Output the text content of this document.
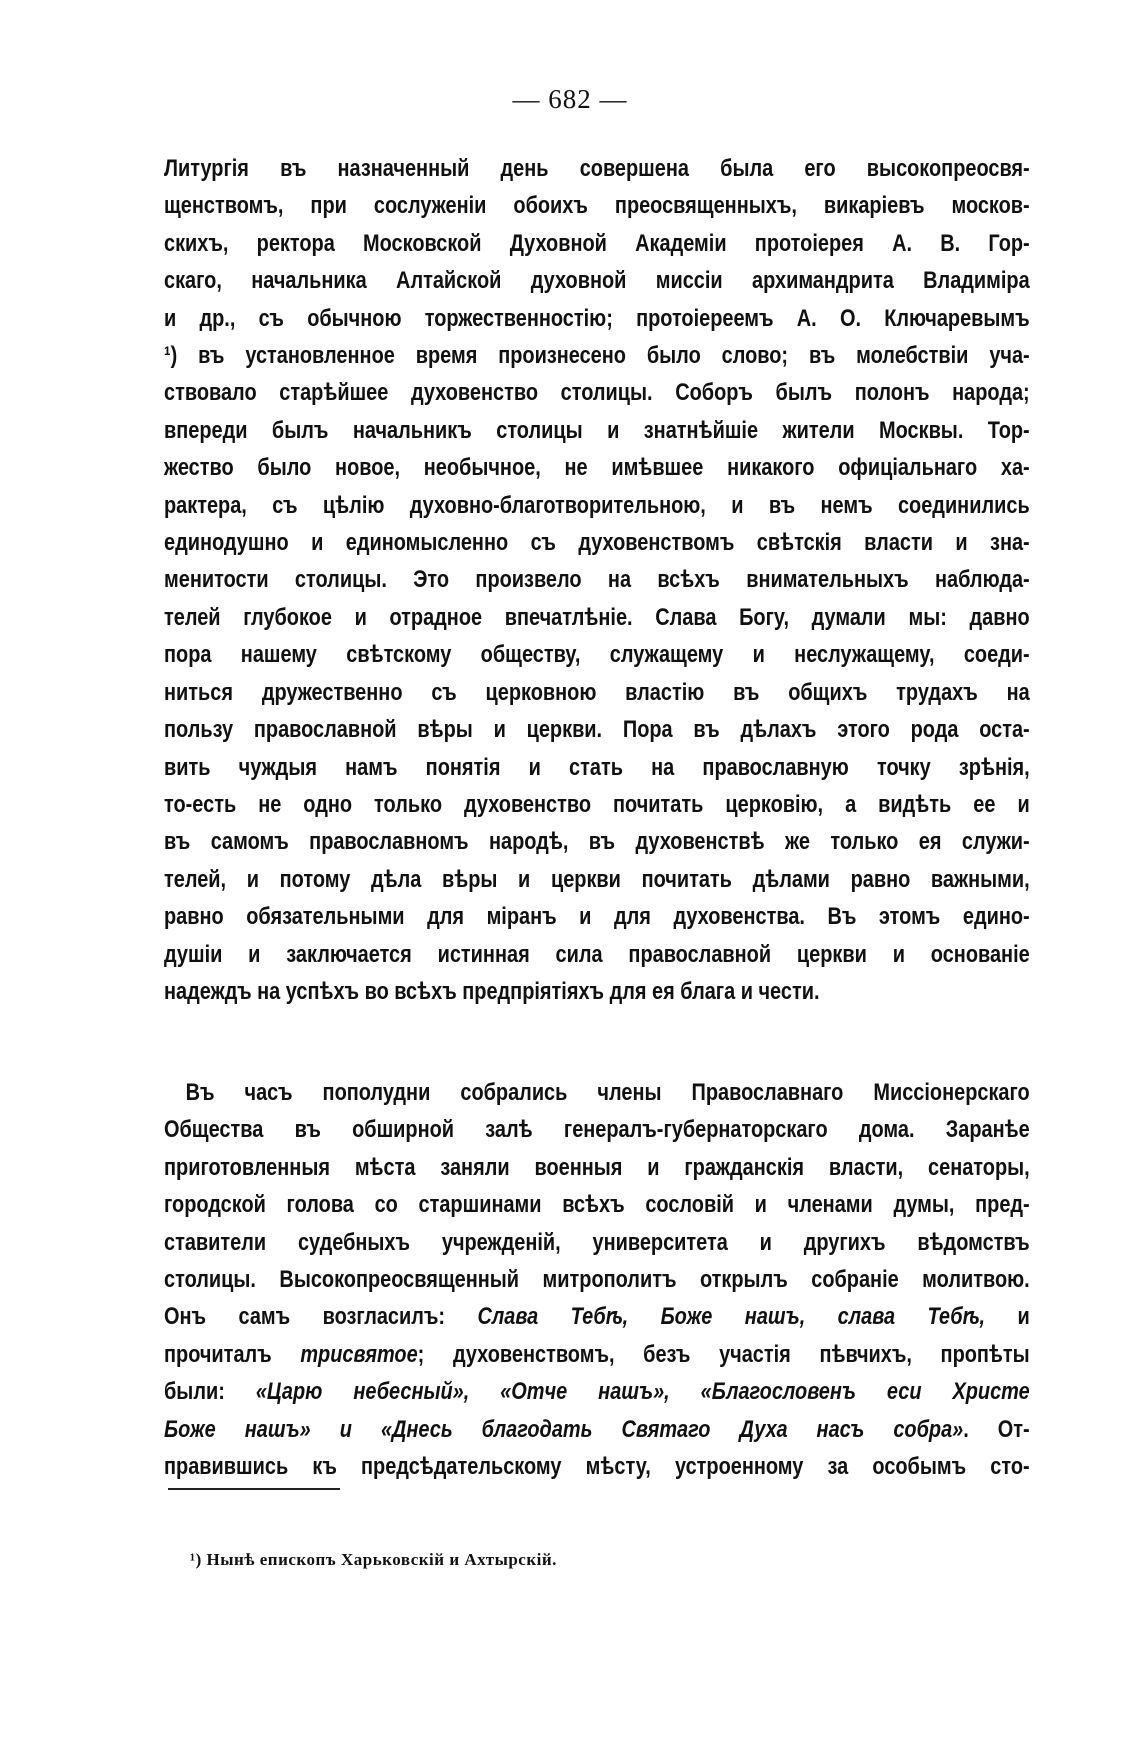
— 682 —
Литургія въ назначенный день совершена была его высокопреосвя-
щенствомъ, при сослуженіи обоихъ преосвященныхъ, викаріевъ москов-
скихъ, ректора Московской Духовной Академіи протоіерея А. В. Гор-
скаго, начальника Алтайской духовной миссіи архимандрита Владиміра
и др., съ обычною торжественностію; протоіереемъ А. О. Ключаревымъ
¹) въ установленное время произнесено было слово; въ молебствіи уча-
ствовало старѣйшее духовенство столицы. Соборъ былъ полонъ народа;
впереди былъ начальникъ столицы и знатнѣйшіе жители Москвы. Тор-
жество было новое, необычное, не имѣвшее никакого офиціальнаго ха-
рактера, съ цѣлію духовно-благотворительною, и въ немъ соединились
единодушно и единомысленно съ духовенствомъ свѣтскія власти и зна-
менитости столицы. Это произвело на всѣхъ внимательныхъ наблюда-
телей глубокое и отрадное впечатлѣніе. Слава Богу, думали мы: давно
пора нашему свѣтскому обществу, служащему и неслужащему, соеди-
ниться дружественно съ церковною властію въ общихъ трудахъ на
пользу православной вѣры и церкви. Пора въ дѣлахъ этого рода оста-
вить чуждыя намъ понятія и стать на православную точку зрѣнія,
то-есть не одно только духовенство почитать церковію, а видѣть ее и
въ самомъ православномъ народѣ, въ духовенствѣ же только ея служи-
телей, и потому дѣла вѣры и церкви почитать дѣлами равно важными,
равно обязательными для міранъ и для духовенства. Въ этомъ едино-
душіи и заключается истинная сила православной церкви и основаніе
надеждъ на успѣхъ во всѣхъ предпріятіяхъ для ея блага и чести.
Въ часъ пополудни собрались члены Православнаго Миссіонерскаго
Общества въ обширной залѣ генералъ-губернаторскаго дома. Заранѣе
приготовленныя мѣста заняли военныя и гражданскія власти, сенаторы,
городской голова со старшинами всѣхъ сословій и членами думы, пред-
ставители судебныхъ учрежденій, университета и другихъ вѣдомствъ
столицы. Высокопреосвященный митрополитъ открылъ собраніе молитвою.
Онъ самъ возгласилъ: Слава Тебѣ, Боже нашъ, слава Тебѣ, и
прочиталъ трисвятое; духовенствомъ, безъ участія пѣвчихъ, пропѣты
были: «Царю небесный», «Отче нашъ», «Благословенъ еси Христе
Боже нашъ» и «Днесь благодать Святаго Духа насъ собра». От-
правившись къ предсѣдательскому мѣсту, устроенному за особымъ сто-
¹) Нынѣ епископъ Харьковскій и Ахтырскій.
